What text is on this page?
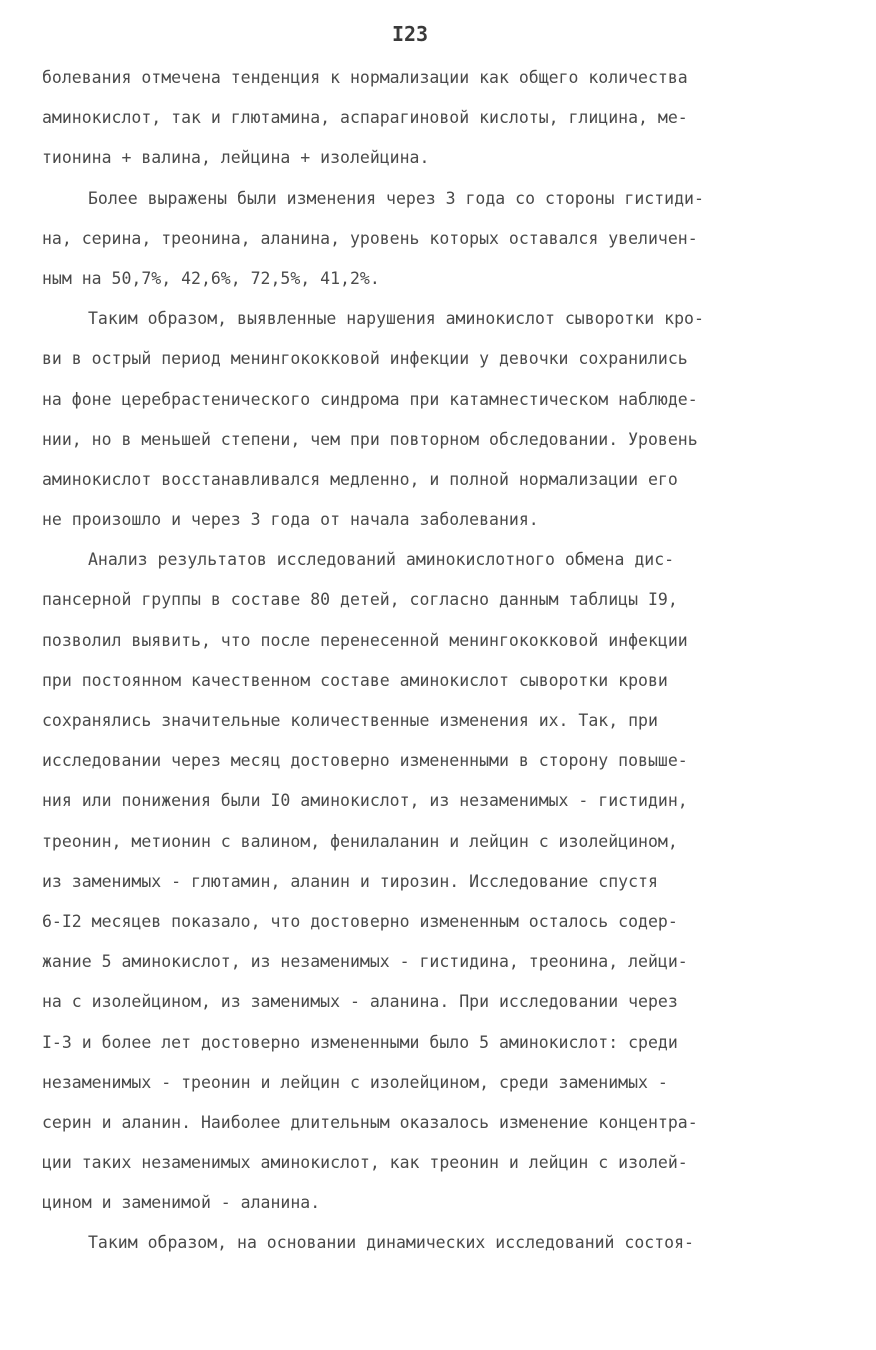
I23
болевания отмечена тенденция к нормализации как общего количества
аминокислот, так и глютамина, аспарагиновой кислоты, глицина, ме-
тионина + валина, лейцина + изолейцина.
Более выражены были изменения через 3 года со стороны гистиди-
на, серина, треонина, аланина, уровень которых оставался увеличен-
ным на 50,7%, 42,6%, 72,5%, 41,2%.
Таким образом, выявленные нарушения аминокислот сыворотки кро-
ви в острый период менингококковой инфекции у девочки сохранились
на фоне церебрастенического синдрома при катамнестическом наблюде-
нии, но в меньшей степени, чем при повторном обследовании. Уровень
аминокислот восстанавливался медленно, и полной нормализации его
не произошло и через 3 года от начала заболевания.
Анализ результатов исследований аминокислотного обмена дис-
пансерной группы в составе 80 детей, согласно данным таблицы I9,
позволил выявить, что после перенесенной менингококковой инфекции
при постоянном качественном составе аминокислот сыворотки крови
сохранялись значительные количественные изменения их. Так, при
исследовании через месяц достоверно измененными в сторону повыше-
ния или понижения были I0 аминокислот, из незаменимых - гистидин,
треонин, метионин с валином, фенилаланин и лейцин с изолейцином,
из заменимых - глютамин, аланин и тирозин. Исследование спустя
6-I2 месяцев показало, что достоверно измененным осталось содер-
жание 5 аминокислот, из незаменимых - гистидина, треонина, лейци-
на с изолейцином, из заменимых - аланина. При исследовании через
I-3 и более лет достоверно измененными было 5 аминокислот: среди
незаменимых - треонин и лейцин с изолейцином, среди заменимых -
серин и аланин. Наиболее длительным оказалось изменение концентра-
ции таких незаменимых аминокислот, как треонин и лейцин с изолей-
цином и заменимой - аланина.
Таким образом, на основании динамических исследований состоя-
